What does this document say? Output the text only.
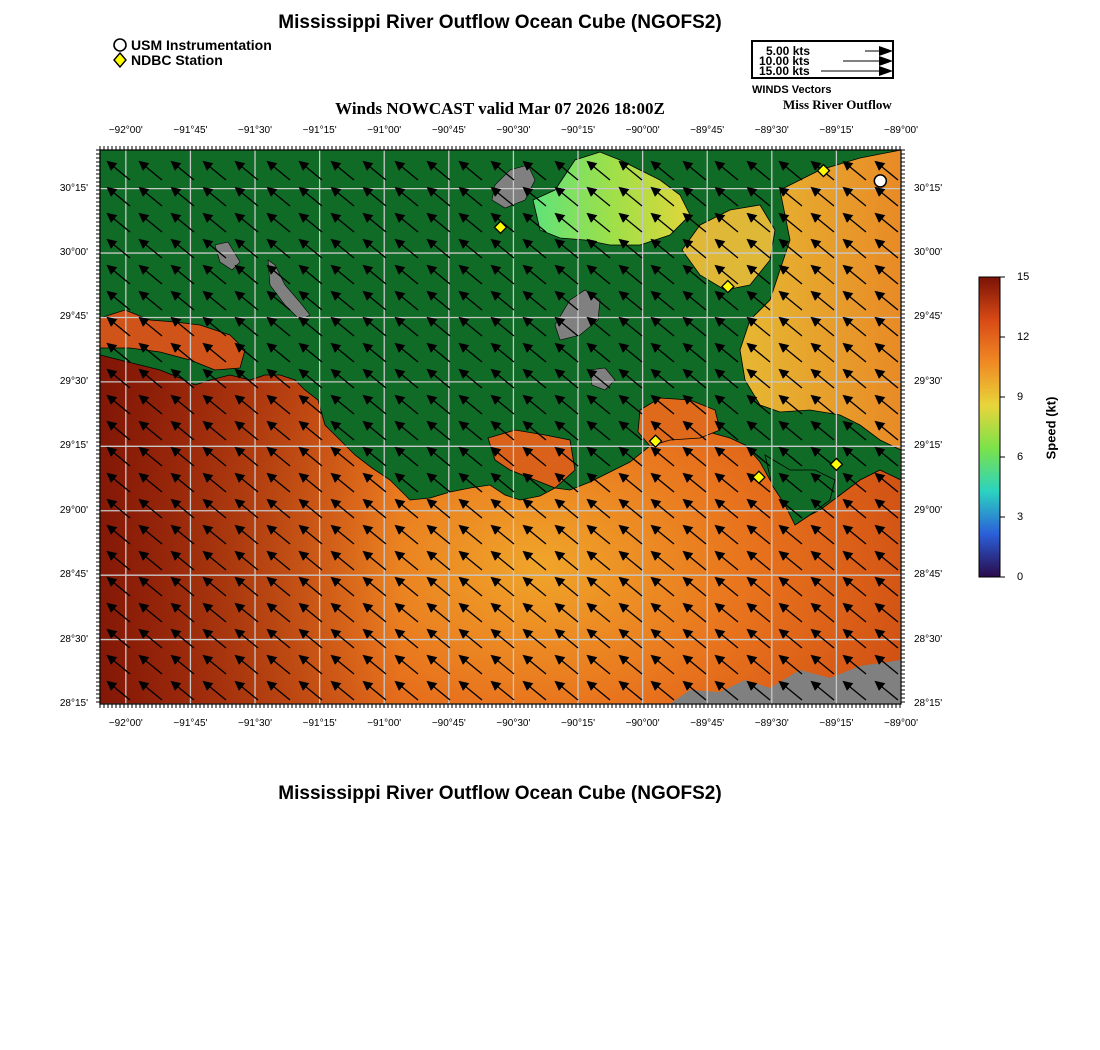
Mississippi River Outflow Ocean Cube (NGOFS2)
USM Instrumentation
NDBC Station
5.00 kts
10.00 kts
15.00 kts
WINDS Vectors
Miss River Outflow
Winds NOWCAST valid Mar 07 2026 18:00Z
−92°00'
−92°00'
−91°45'
−91°45'
−91°30'
−91°30'
−91°15'
−91°15'
−91°00'
−91°00'
−90°45'
−90°45'
−90°30'
−90°30'
−90°15'
−90°15'
−90°00'
−90°00'
−89°45'
−89°45'
−89°30'
−89°30'
−89°15'
−89°15'
−89°00'
−89°00'
30°15'	30°15'
30°00'	30°00'
29°45'	29°45'
29°30'	29°30'
29°15'	29°15'
29°00'	29°00'
28°45'	28°45'
28°30'	28°30'
28°15'	28°15'
15
12
9
6
3
0
Speed (kt)
Mississippi River Outflow Ocean Cube (NGOFS2)
